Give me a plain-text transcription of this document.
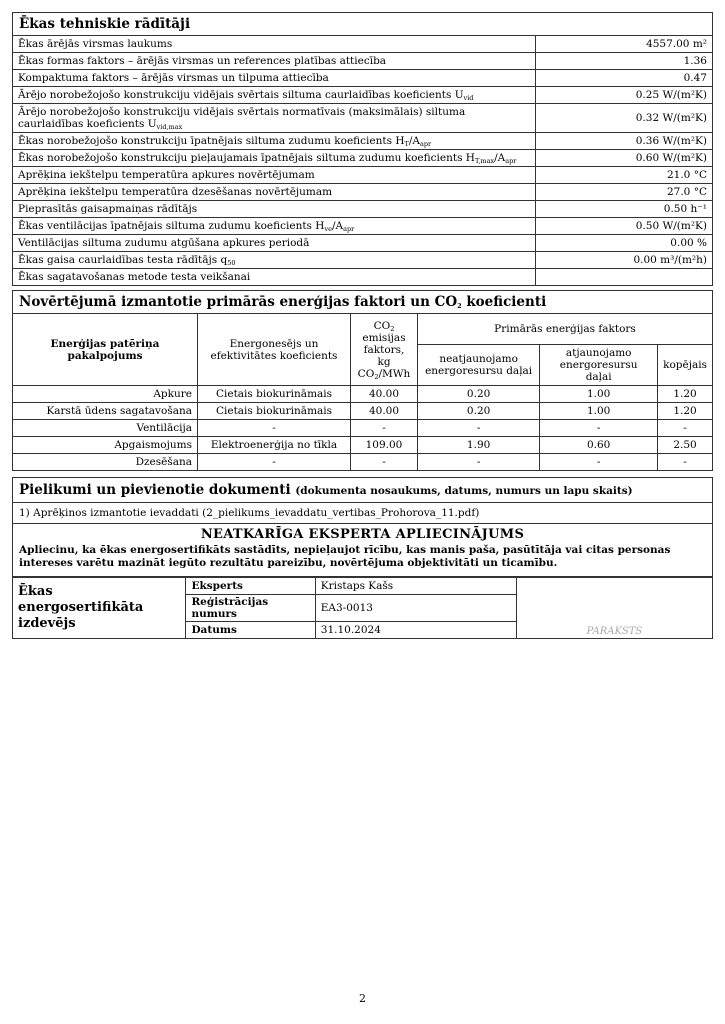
Ēkas tehniskie rādītāji
Ēkas ārējās virsmas laukums	4557.00 m²
Ēkas formas faktors – ārējās virsmas un references platības attiecība	1.36
Kompaktuma faktors – ārējās virsmas un tilpuma attiecība	0.47
Ārējo norobežojošo konstrukciju vidējais svērtais siltuma caurlaidības koeficients $U_{vid}$	0.25 W/(m²K)
Ārējo norobežojošo konstrukciju vidējais svērtais normatīvais (maksimālais) siltuma caurlaidības koeficients $U_{vid,max}$	0.32 W/(m²K)
Ēkas norobežojošo konstrukciju īpatnējais siltuma zudumu koeficients $H_T/A_{apr}$	0.36 W/(m²K)
Ēkas norobežojošo konstrukciju pieļaujamais īpatnējais siltuma zudumu koeficients $H_{T,max}/A_{apr}$	0.60 W/(m²K)
Aprēķina iekštelpu temperatūra apkures novērtējumam	21.0 °C
Aprēķina iekštelpu temperatūra dzesēšanas novērtējumam	27.0 °C
Pieprasītās gaisapmaiņas rādītājs	0.50 h⁻¹
Ēkas ventilācijas īpatnējais siltuma zudumu koeficients $H_{ve}/A_{apr}$	0.50 W/(m²K)
Ventilācijas siltuma zudumu atgūšana apkures periodā	0.00 %
Ēkas gaisa caurlaidības testa rādītājs $q_{50}$	0.00 m³/(m²h)
Ēkas sagatavošanas metode testa veikšanai	
Novērtējumā izmantotie primārās enerģijas faktori un $CO_2$ koeficienti
Enerģijas patēriņa pakalpojums	Energonesējs un efektivitātes koeficients	$CO_2$ emisijas faktors, kg $CO_2$/MWh	Primārās enerģijas faktors		
			neatjaunojamo energoresursu daļai	atjaunojamo energoresursu daļai	kopējais
Apkure	Cietais biokurināmais	40.00	0.20	1.00	1.20
Karstā ūdens sagatavošana	Cietais biokurināmais	40.00	0.20	1.00	1.20
Ventilācija	-	-	-	-	-
Apgaismojums	Elektroenerģija no tīkla	109.00	1.90	0.60	2.50
Dzesēšana	-	-	-	-	-
Pielikumi un pievienotie dokumenti (dokumenta nosaukums, datums, numurs un lapu skaits)
1) Aprēķinos izmantotie ievaddati (2_pielikums_ievaddatu_vertibas_Prohorova_11.pdf)
NEATKARĪGA EKSPERTA APLIECINĀJUMS
Apliecinu, ka ēkas energosertifikāts sastādīts, nepieļaujot rīcību, kas manis paša, pasūtītāja vai citas personas intereses varētu mazināt iegūto rezultātu pareizību, novērtējuma objektivitāti un ticamību.
Ēkas energosertifikāta izdevējs	Eksperts	Kristaps Kašs	PARAKSTS
	Reģistrācijas numurs	EA3-0013	
	Datums	31.10.2024	
2
